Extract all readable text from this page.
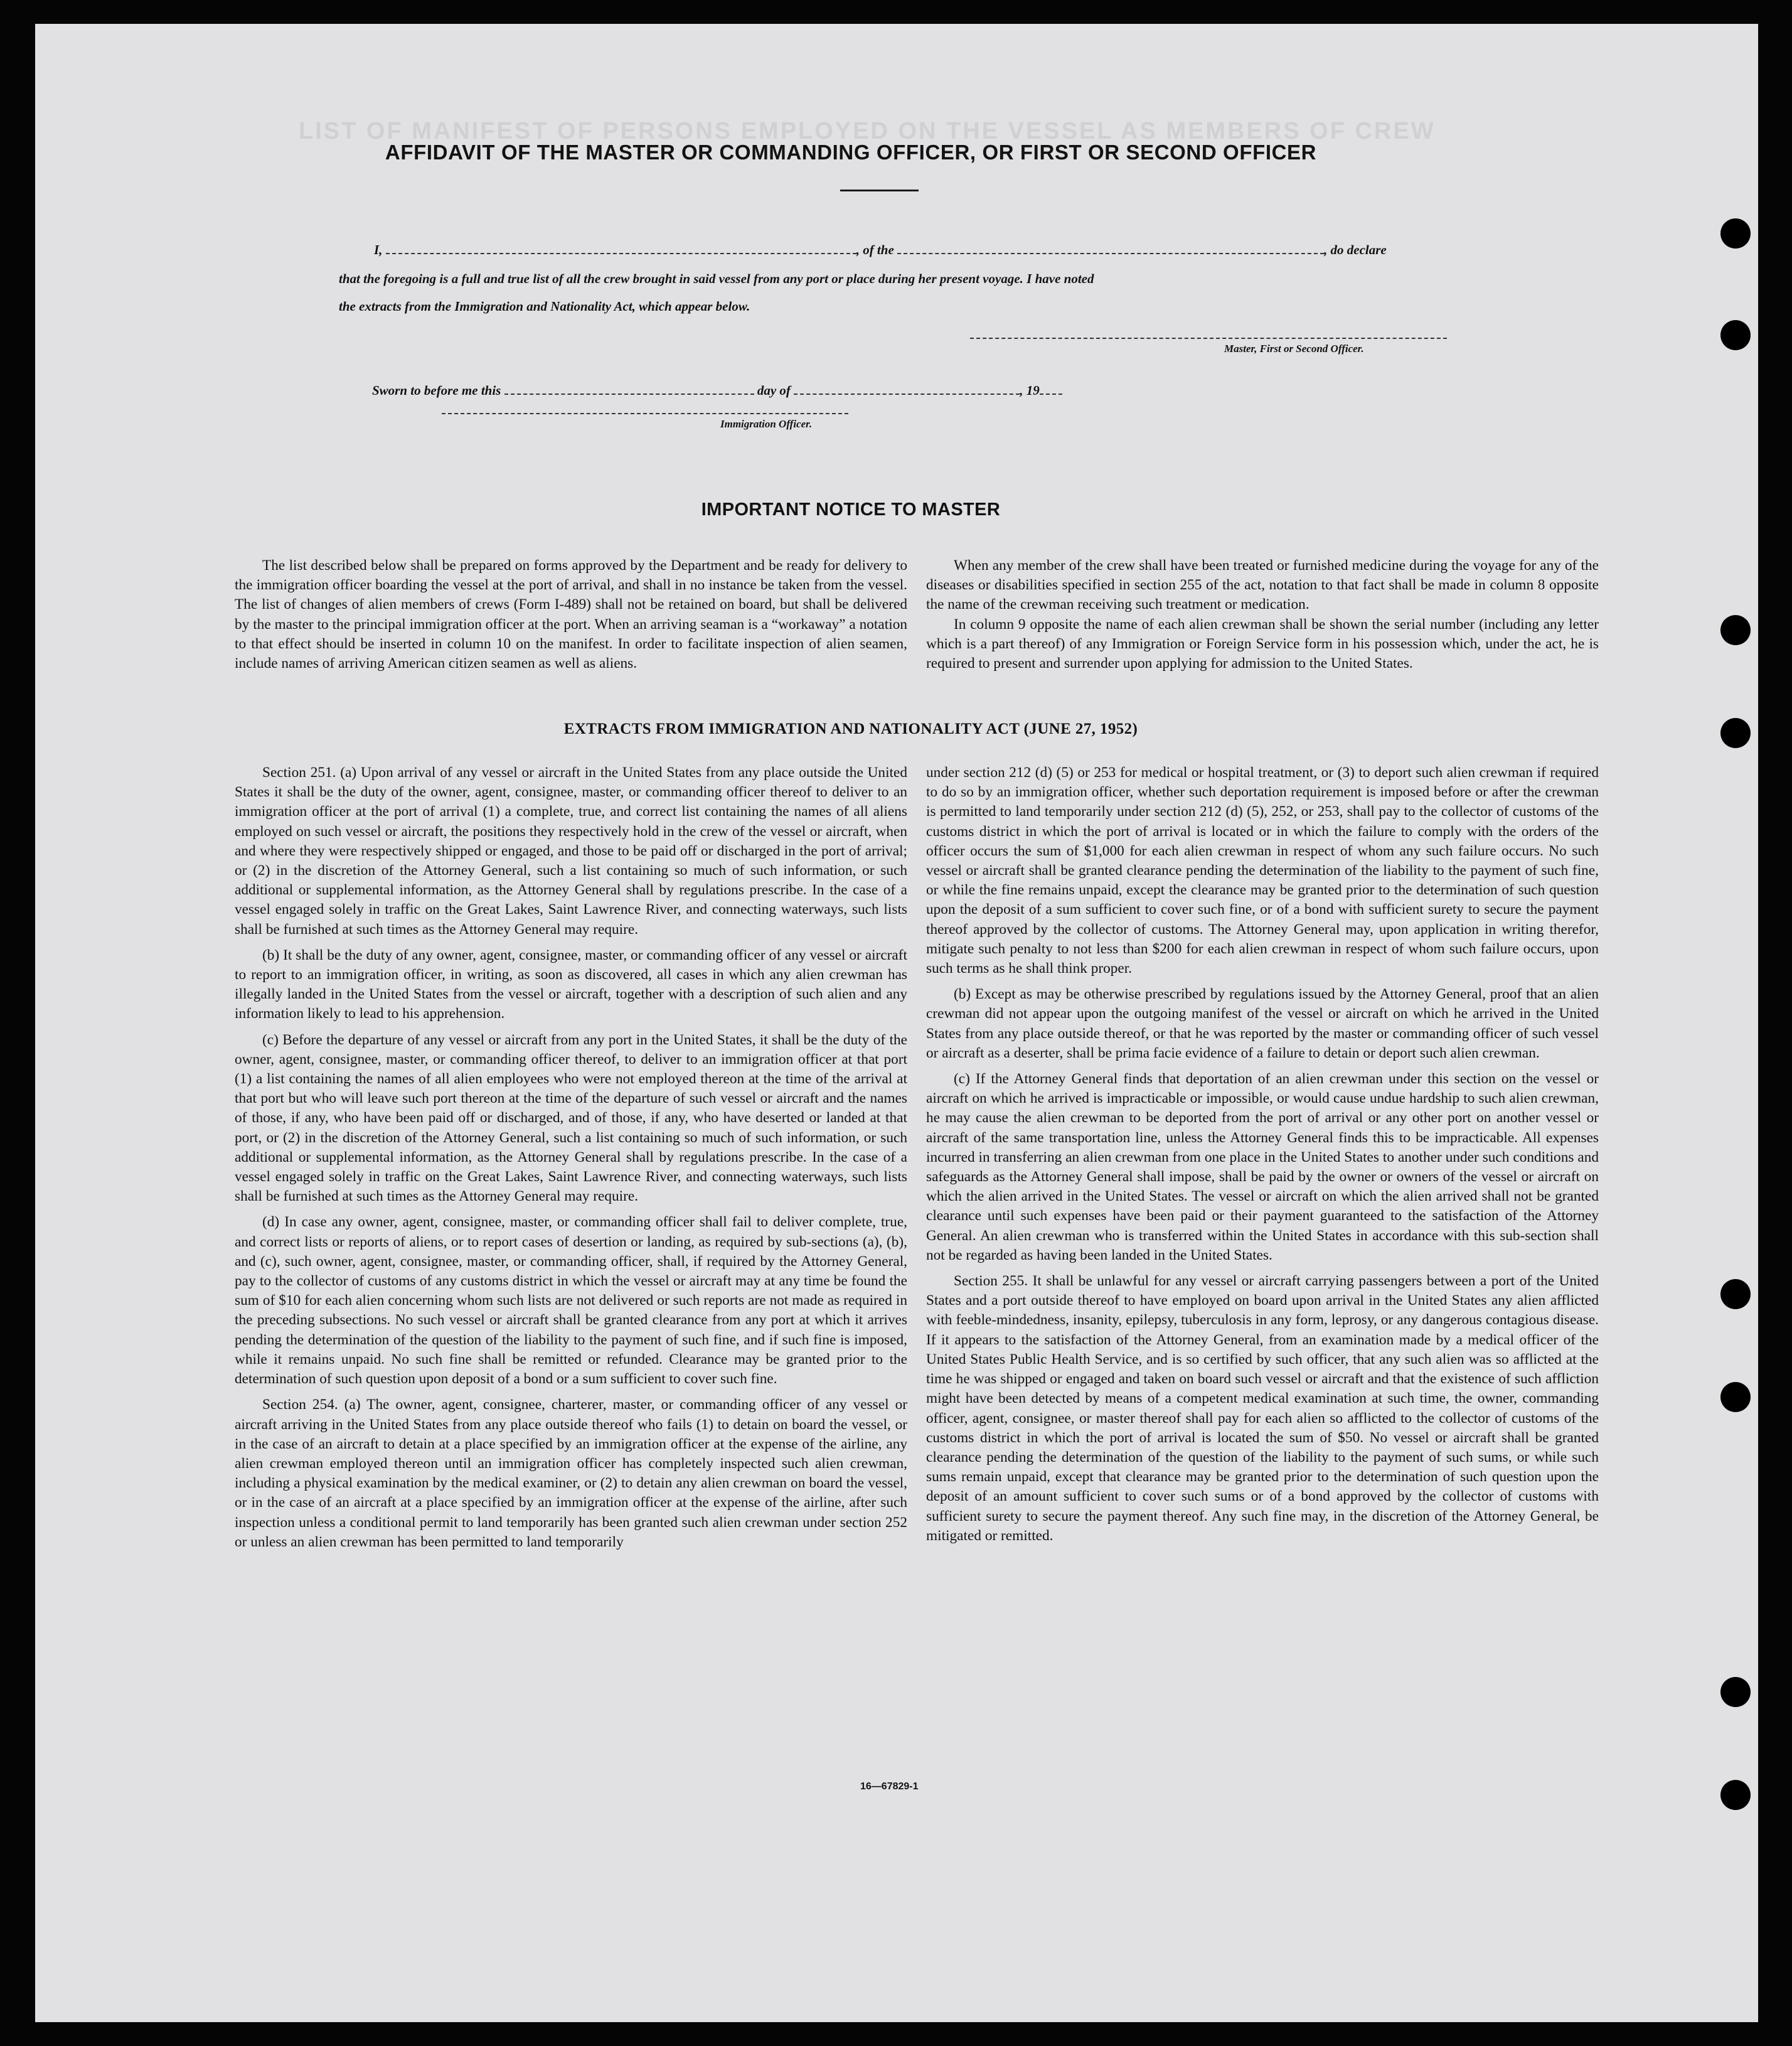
LIST OF MANIFEST OF PERSONS EMPLOYED ON THE VESSEL AS MEMBERS OF CREW
AFFIDAVIT OF THE MASTER OR COMMANDING OFFICER, OR FIRST OR SECOND OFFICER
I,	, of the	, do declare
that the foregoing is a full and true list of all the crew brought in said vessel from any port or place during her present voyage. I have noted
the extracts from the Immigration and Nationality Act, which appear below.
Master, First or Second Officer.
Sworn to before me this	day of	, 19
Immigration Officer.
IMPORTANT NOTICE TO MASTER

The list described below shall be prepared on forms approved by the Department and be ready for delivery to the immigration officer boarding the vessel at the port of arrival, and shall in no instance be taken from the vessel. The list of changes of alien members of crews (Form I-489) shall not be retained on board, but shall be delivered by the master to the principal immigration officer at the port. When an arriving seaman is a “workaway” a notation to that effect should be inserted in column 10 on the manifest. In order to facilitate inspection of alien seamen, include names of arriving American citizen seamen as well as aliens.

When any member of the crew shall have been treated or furnished medicine during the voyage for any of the diseases or disabilities specified in section 255 of the act, notation to that fact shall be made in column 8 opposite the name of the crewman receiving such treatment or medication.

In column 9 opposite the name of each alien crewman shall be shown the serial number (including any letter which is a part thereof) of any Immigration or Foreign Service form in his possession which, under the act, he is required to present and surrender upon applying for admission to the United States.

EXTRACTS FROM IMMIGRATION AND NATIONALITY ACT (JUNE 27, 1952)

Section 251. (a) Upon arrival of any vessel or aircraft in the United States from any place outside the United States it shall be the duty of the owner, agent, consignee, master, or commanding officer thereof to deliver to an immigration officer at the port of arrival (1) a complete, true, and correct list containing the names of all aliens employed on such vessel or aircraft, the positions they respectively hold in the crew of the vessel or aircraft, when and where they were respectively shipped or engaged, and those to be paid off or discharged in the port of arrival; or (2) in the discretion of the Attorney General, such a list containing so much of such information, or such additional or supplemental information, as the Attorney General shall by regulations prescribe. In the case of a vessel engaged solely in traffic on the Great Lakes, Saint Lawrence River, and connecting waterways, such lists shall be furnished at such times as the Attorney General may require.

(b) It shall be the duty of any owner, agent, consignee, master, or commanding officer of any vessel or aircraft to report to an immigration officer, in writing, as soon as discovered, all cases in which any alien crewman has illegally landed in the United States from the vessel or aircraft, together with a description of such alien and any information likely to lead to his apprehension.

(c) Before the departure of any vessel or aircraft from any port in the United States, it shall be the duty of the owner, agent, consignee, master, or commanding officer thereof, to deliver to an immigration officer at that port (1) a list containing the names of all alien employees who were not employed thereon at the time of the arrival at that port but who will leave such port thereon at the time of the departure of such vessel or aircraft and the names of those, if any, who have been paid off or discharged, and of those, if any, who have deserted or landed at that port, or (2) in the discretion of the Attorney General, such a list containing so much of such information, or such additional or supplemental information, as the Attorney General shall by regulations prescribe. In the case of a vessel engaged solely in traffic on the Great Lakes, Saint Lawrence River, and connecting waterways, such lists shall be furnished at such times as the Attorney General may require.

(d) In case any owner, agent, consignee, master, or commanding officer shall fail to deliver complete, true, and correct lists or reports of aliens, or to report cases of desertion or landing, as required by sub-sections (a), (b), and (c), such owner, agent, consignee, master, or commanding officer, shall, if required by the Attorney General, pay to the collector of customs of any customs district in which the vessel or aircraft may at any time be found the sum of $10 for each alien concerning whom such lists are not delivered or such reports are not made as required in the preceding subsections. No such vessel or aircraft shall be granted clearance from any port at which it arrives pending the determination of the question of the liability to the payment of such fine, and if such fine is imposed, while it remains unpaid. No such fine shall be remitted or refunded. Clearance may be granted prior to the determination of such question upon deposit of a bond or a sum sufficient to cover such fine.

Section 254. (a) The owner, agent, consignee, charterer, master, or commanding officer of any vessel or aircraft arriving in the United States from any place outside thereof who fails (1) to detain on board the vessel, or in the case of an aircraft to detain at a place specified by an immigration officer at the expense of the airline, any alien crewman employed thereon until an immigration officer has completely inspected such alien crewman, including a physical examination by the medical examiner, or (2) to detain any alien crewman on board the vessel, or in the case of an aircraft at a place specified by an immigration officer at the expense of the airline, after such inspection unless a conditional permit to land temporarily has been granted such alien crewman under section 252 or unless an alien crewman has been permitted to land temporarily

under section 212 (d) (5) or 253 for medical or hospital treatment, or (3) to deport such alien crewman if required to do so by an immigration officer, whether such deportation requirement is imposed before or after the crewman is permitted to land temporarily under section 212 (d) (5), 252, or 253, shall pay to the collector of customs of the customs district in which the port of arrival is located or in which the failure to comply with the orders of the officer occurs the sum of $1,000 for each alien crewman in respect of whom any such failure occurs. No such vessel or aircraft shall be granted clearance pending the determination of the liability to the payment of such fine, or while the fine remains unpaid, except the clearance may be granted prior to the determination of such question upon the deposit of a sum sufficient to cover such fine, or of a bond with sufficient surety to secure the payment thereof approved by the collector of customs. The Attorney General may, upon application in writing therefor, mitigate such penalty to not less than $200 for each alien crewman in respect of whom such failure occurs, upon such terms as he shall think proper.

(b) Except as may be otherwise prescribed by regulations issued by the Attorney General, proof that an alien crewman did not appear upon the outgoing manifest of the vessel or aircraft on which he arrived in the United States from any place outside thereof, or that he was reported by the master or commanding officer of such vessel or aircraft as a deserter, shall be prima facie evidence of a failure to detain or deport such alien crewman.

(c) If the Attorney General finds that deportation of an alien crewman under this section on the vessel or aircraft on which he arrived is impracticable or impossible, or would cause undue hardship to such alien crewman, he may cause the alien crewman to be deported from the port of arrival or any other port on another vessel or aircraft of the same transportation line, unless the Attorney General finds this to be impracticable. All expenses incurred in transferring an alien crewman from one place in the United States to another under such conditions and safeguards as the Attorney General shall impose, shall be paid by the owner or owners of the vessel or aircraft on which the alien arrived in the United States. The vessel or aircraft on which the alien arrived shall not be granted clearance until such expenses have been paid or their payment guaranteed to the satisfaction of the Attorney General. An alien crewman who is transferred within the United States in accordance with this sub-section shall not be regarded as having been landed in the United States.

Section 255. It shall be unlawful for any vessel or aircraft carrying passengers between a port of the United States and a port outside thereof to have employed on board upon arrival in the United States any alien afflicted with feeble-mindedness, insanity, epilepsy, tuberculosis in any form, leprosy, or any dangerous contagious disease. If it appears to the satisfaction of the Attorney General, from an examination made by a medical officer of the United States Public Health Service, and is so certified by such officer, that any such alien was so afflicted at the time he was shipped or engaged and taken on board such vessel or aircraft and that the existence of such affliction might have been detected by means of a competent medical examination at such time, the owner, commanding officer, agent, consignee, or master thereof shall pay for each alien so afflicted to the collector of customs of the customs district in which the port of arrival is located the sum of $50. No vessel or aircraft shall be granted clearance pending the determination of the question of the liability to the payment of such sums, or while such sums remain unpaid, except that clearance may be granted prior to the determination of such question upon the deposit of an amount sufficient to cover such sums or of a bond approved by the collector of customs with sufficient surety to secure the payment thereof. Any such fine may, in the discretion of the Attorney General, be mitigated or remitted.

16—67829-1
